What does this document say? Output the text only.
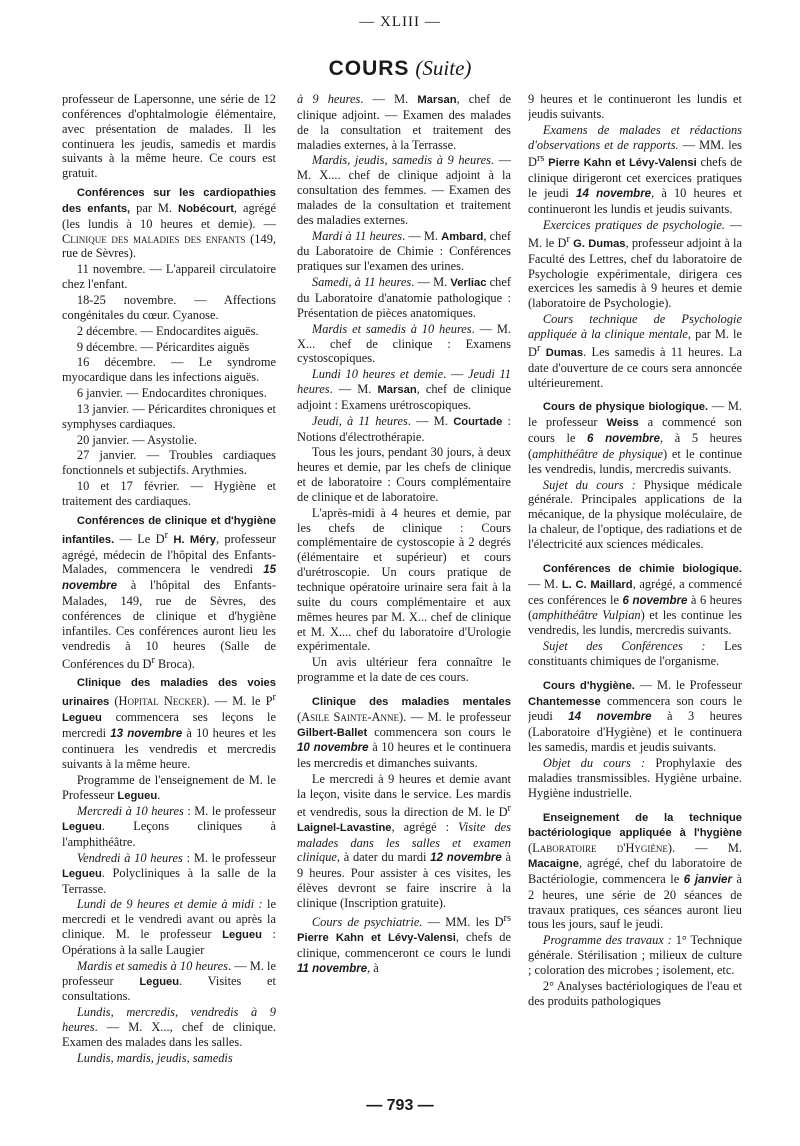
— XLIII —
COURS (Suite)

professeur de Lapersonne, une série de 12 conférences d'ophtalmologie élémentaire, avec présentation de malades. Il les continuera les jeudis, samedis et mardis suivants à la même heure. Ce cours est gratuit.

Conférences sur les cardiopathies des enfants, par M. Nobécourt, agrégé (les lundis à 10 heures et demie). — Clinique des maladies des enfants (149, rue de Sèvres).

11 novembre. — L'appareil circulatoire chez l'enfant.

18-25 novembre. — Affections congénitales du cœur. Cyanose.

2 décembre. — Endocardites aiguës.

9 décembre. — Péricardites aiguës

16 décembre. — Le syndrome myocardique dans les infections aiguës.

6 janvier. — Endocardites chroniques.

13 janvier. — Péricardites chroniques et symphyses cardiaques.

20 janvier. — Asystolie.

27 janvier. — Troubles cardiaques fonctionnels et subjectifs. Arythmies.

10 et 17 février. — Hygiène et traitement des cardiaques.

Conférences de clinique et d'hygiène infantiles. — Le $D^r$ H. Méry, professeur agrégé, médecin de l'hôpital des Enfants-Malades, commencera le vendredi 15 novembre à l'hôpital des Enfants-Malades, 149, rue de Sèvres, des conférences de clinique et d'hygiène infantiles. Ces conférences auront lieu les vendredis à 10 heures (Salle de Conférences du $D^r$ Broca).

Clinique des maladies des voies urinaires (Hopital Necker). — M. le $P^r$ Legueu commencera ses leçons le mercredi 13 novembre à 10 heures et les continuera les vendredis et mercredis suivants à la même heure.

Programme de l'enseignement de M. le Professeur Legueu.

Mercredi à 10 heures : M. le professeur Legueu. Leçons cliniques à l'amphithéâtre.

Vendredi à 10 heures : M. le professeur Legueu. Polycliniques à la salle de la Terrasse.

Lundi de 9 heures et demie à midi : le mercredi et le vendredi avant ou après la clinique. M. le professeur Legueu : Opérations à la salle Laugier

Mardis et samedis à 10 heures. — M. le professeur Legueu. Visites et consultations.

Lundis, mercredis, vendredis à 9 heures. — M. X..., chef de clinique. Examen des malades dans les salles.

Lundis, mardis, jeudis, samedis

à 9 heures. — M. Marsan, chef de clinique adjoint. — Examen des malades de la consultation et traitement des maladies externes, à la Terrasse.

Mardis, jeudis, samedis à 9 heures. — M. X.... chef de clinique adjoint à la consultation des femmes. — Examen des malades de la consultation et traitement des maladies externes.

Mardi à 11 heures. — M. Ambard, chef du Laboratoire de Chimie : Conférences pratiques sur l'examen des urines.

Samedi, à 11 heures. — M. Verliac chef du Laboratoire d'anatomie pathologique : Présentation de pièces anatomiques.

Mardis et samedis à 10 heures. — M. X... chef de clinique : Examens cystoscopiques.

Lundi 10 heures et demie. — Jeudi 11 heures. — M. Marsan, chef de clinique adjoint : Examens urétroscopiques.

Jeudi, à 11 heures. — M. Courtade : Notions d'électrothérapie.

Tous les jours, pendant 30 jours, à deux heures et demie, par les chefs de clinique et de laboratoire : Cours complémentaire de clinique et de laboratoire.

L'après-midi à 4 heures et demie, par les chefs de clinique : Cours complémentaire de cystoscopie à 2 degrés (élémentaire et supérieur) et cours d'urétroscopie. Un cours pratique de technique opératoire urinaire sera fait à la suite du cours complémentaire et aux mêmes heures par M. X... chef de clinique et M. X.... chef du laboratoire d'Urologie expérimentale.

Un avis ultérieur fera connaître le programme et la date de ces cours.

Clinique des maladies mentales (Asile Sainte-Anne). — M. le professeur Gilbert-Ballet commencera son cours le 10 novembre à 10 heures et le continuera les mercredis et dimanches suivants.

Le mercredi à 9 heures et demie avant la leçon, visite dans le service. Les mardis et vendredis, sous la direction de M. le $D^r$ Laignel-Lavastine, agrégé : Visite des malades dans les salles et examen clinique, à dater du mardi 12 novembre à 9 heures. Pour assister à ces visites, les élèves devront se faire inscrire à la clinique (Inscription gratuite).

Cours de psychiatrie. — MM. les $D^{rs}$ Pierre Kahn et Lévy-Valensi, chefs de clinique, commenceront ce cours le lundi 11 novembre, à

9 heures et le continueront les lundis et jeudis suivants.

Examens de malades et rédactions d'observations et de rapports. — MM. les $D^{rs}$ Pierre Kahn et Lévy-Valensi chefs de clinique dirigeront cet exercices pratiques le jeudi 14 novembre, à 10 heures et continueront les lundis et jeudis suivants.

Exercices pratiques de psychologie. — M. le $D^r$ G. Dumas, professeur adjoint à la Faculté des Lettres, chef du laboratoire de Psychologie expérimentale, dirigera ces exercices les samedis à 9 heures et demie (laboratoire de Psychologie).

Cours technique de Psychologie appliquée à la clinique mentale, par M. le $D^r$ Dumas. Les samedis à 11 heures. La date d'ouverture de ce cours sera annoncée ultérieurement.

Cours de physique biologique. — M. le professeur Weiss a commencé son cours le 6 novembre, à 5 heures (amphithéâtre de physique) et le continue les vendredis, lundis, mercredis suivants.

Sujet du cours : Physique médicale générale. Principales applications de la mécanique, de la physique moléculaire, de la chaleur, de l'optique, des radiations et de l'électricité aux sciences médicales.

Conférences de chimie biologique. — M. L. C. Maillard, agrégé, a commencé ces conférences le 6 novembre à 6 heures (amphithéâtre Vulpian) et les continue les vendredis, les lundis, mercredis suivants.

Sujet des Conférences : Les constituants chimiques de l'organisme.

Cours d'hygiène. — M. le Professeur Chantemesse commencera son cours le jeudi 14 novembre à 3 heures (Laboratoire d'Hygiène) et le continuera les samedis, mardis et jeudis suivants.

Objet du cours : Prophylaxie des maladies transmissibles. Hygiène urbaine. Hygiène industrielle.

Enseignement de la technique bactériologique appliquée à l'hygiène (Laboratoire d'Hygiène). — M. Macaigne, agrégé, chef du laboratoire de Bactériologie, commencera le 6 janvier à 2 heures, une série de 20 séances de travaux pratiques, ces séances auront lieu tous les jours, sauf le jeudi.

Programme des travaux : 1° Technique générale. Stérilisation ; milieux de culture ; coloration des microbes ; isolement, etc.

2° Analyses bactériologiques de l'eau et des produits pathologiques

— 793 —
